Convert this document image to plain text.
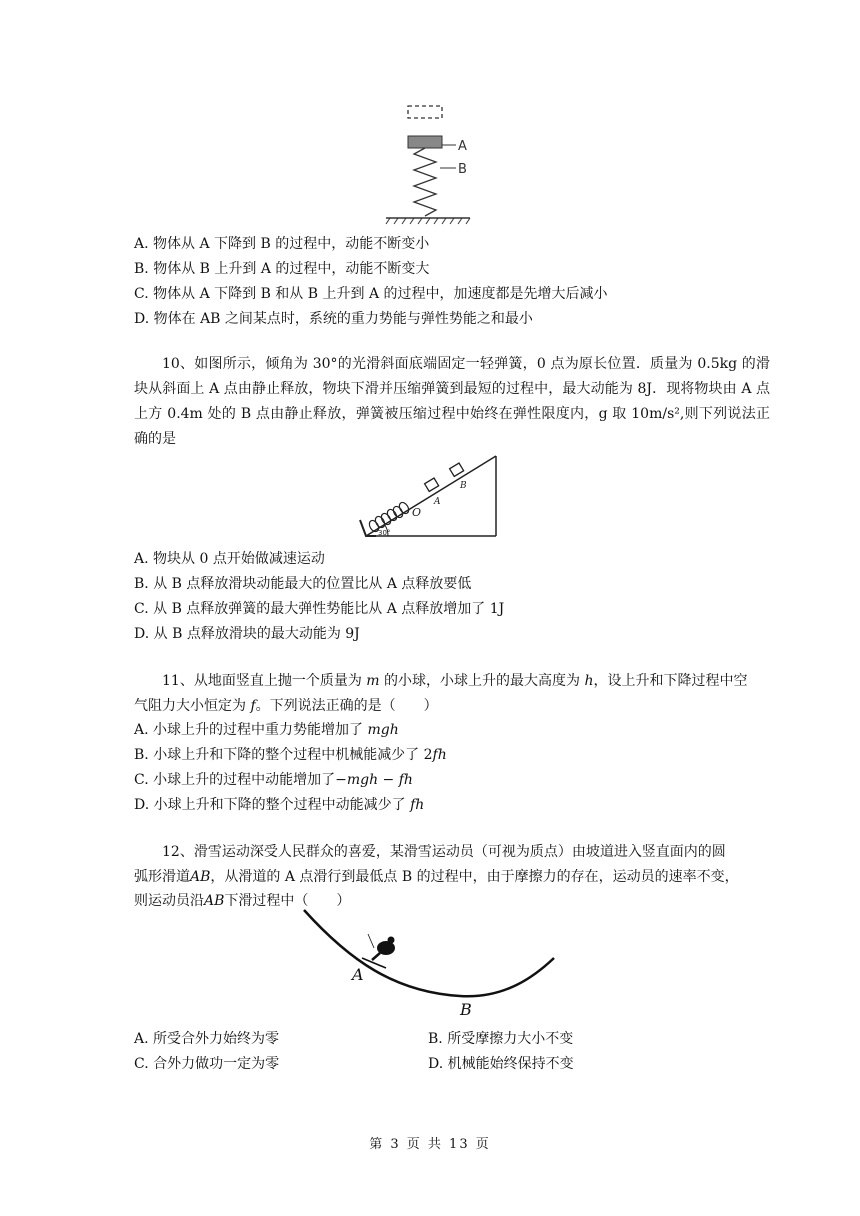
A
B
A. 物体从 A 下降到 B 的过程中，动能不断变小
B. 物体从 B 上升到 A 的过程中，动能不断变大
C. 物体从 A 下降到 B 和从 B 上升到 A 的过程中，加速度都是先增大后减小
D. 物体在 AB 之间某点时，系统的重力势能与弹性势能之和最小
10、如图所示，倾角为 30°的光滑斜面底端固定一轻弹簧，0 点为原长位置．质量为 0.5kg 的滑块从斜面上 A 点由静止释放，物块下滑并压缩弹簧到最短的过程中，最大动能为 8J．现将物块由 A 点上方 0.4m 处的 B 点由静止释放，弹簧被压缩过程中始终在弹性限度内，g 取 10m/s²,则下列说法正确的是
O
A
B
30°
A. 物块从 0 点开始做减速运动
B. 从 B 点释放滑块动能最大的位置比从 A 点释放要低
C. 从 B 点释放弹簧的最大弹性势能比从 A 点释放增加了 1J
D. 从 B 点释放滑块的最大动能为 9J
11、从地面竖直上抛一个质量为 m 的小球，小球上升的最大高度为 h，设上升和下降过程中空
气阻力大小恒定为 f。下列说法正确的是（　　）
A. 小球上升的过程中重力势能增加了 mgh
B. 小球上升和下降的整个过程中机械能减少了 2fh
C. 小球上升的过程中动能增加了−mgh − fh
D. 小球上升和下降的整个过程中动能减少了 fh
12、滑雪运动深受人民群众的喜爱，某滑雪运动员（可视为质点）由坡道进入竖直面内的圆
弧形滑道AB，从滑道的 A 点滑行到最低点 B 的过程中，由于摩擦力的存在，运动员的速率不变，
则运动员沿AB下滑过程中（　　）
A
B
A. 所受合外力始终为零	B. 所受摩擦力大小不变
C. 合外力做功一定为零	D. 机械能始终保持不变
第 3 页 共 13 页
